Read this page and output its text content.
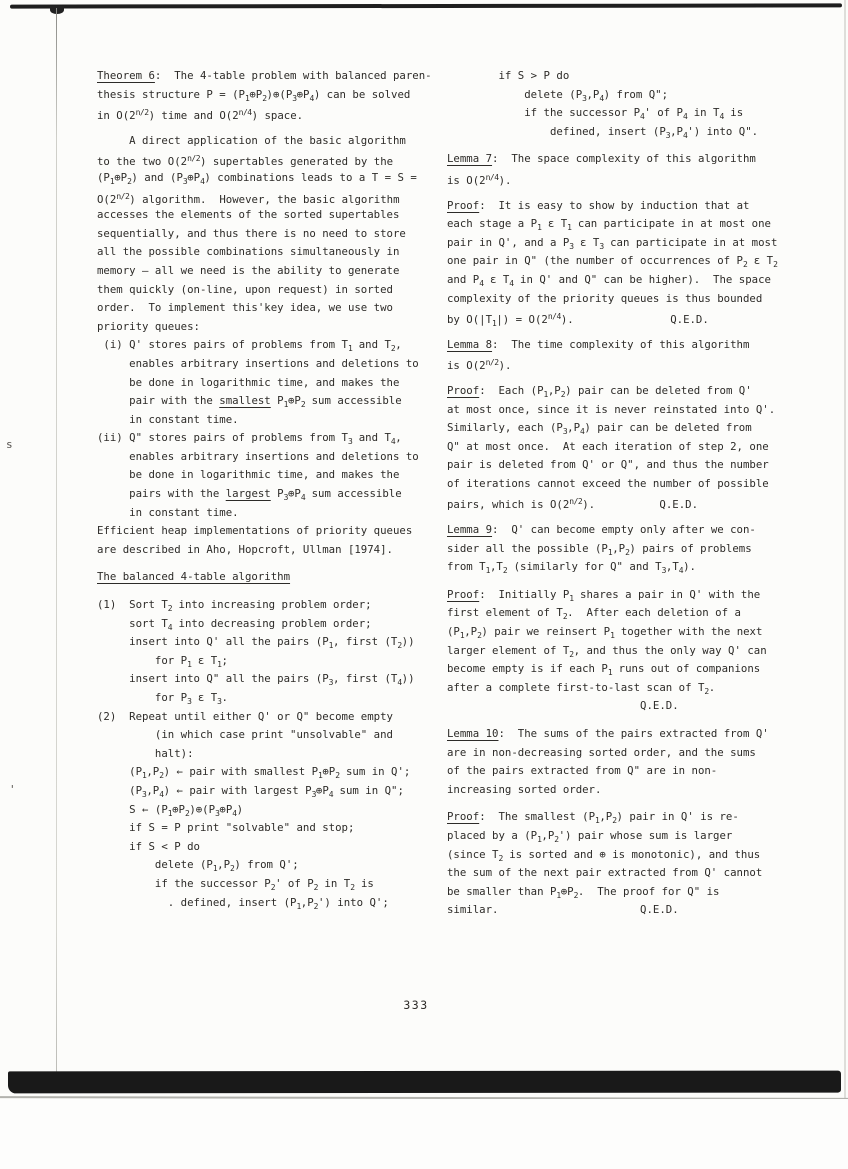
s
'
Theorem 6:  The 4-table problem with balanced paren-
thesis structure $P = (P_1\oplus P_2)\oplus(P_3\oplus P_4)$ can be solved
in $O(2^{n/2})$ time and $O(2^{n/4})$ space.
A direct application of the basic algorithm
to the two $O(2^{n/2})$ supertables generated by the
$(P_1\oplus P_2)$ and $(P_3\oplus P_4)$ combinations leads to a T = S =
$O(2^{n/2})$ algorithm.  However, the basic algorithm
accesses the elements of the sorted supertables
sequentially, and thus there is no need to store
all the possible combinations simultaneously in
memory — all we need is the ability to generate
them quickly (on-line, upon request) in sorted
order.  To implement this'key idea, we use two
priority queues:
(i) Q' stores pairs of problems from $T_1$ and $T_2$,
enables arbitrary insertions and deletions to
be done in logarithmic time, and makes the
pair with the smallest $P_1\oplus P_2$ sum accessible
in constant time.
(ii) Q" stores pairs of problems from $T_3$ and $T_4$,
enables arbitrary insertions and deletions to
be done in logarithmic time, and makes the
pairs with the largest $P_3\oplus P_4$ sum accessible
in constant time.
Efficient heap implementations of priority queues
are described in Aho, Hopcroft, Ullman [1974].
The balanced 4-table algorithm
(1)  Sort $T_2$ into increasing problem order;
sort $T_4$ into decreasing problem order;
insert into Q' all the pairs ($P_1$, first $(T_2)$)
for $P_1$ ε $T_1$;
insert into Q" all the pairs ($P_3$, first $(T_4)$)
for $P_3$ ε $T_3$.
(2)  Repeat until either Q' or Q" become empty
(in which case print "unsolvable" and
halt):
$(P_1,P_2)$ ← pair with smallest $P_1\oplus P_2$ sum in Q';
$(P_3,P_4)$ ← pair with largest $P_3\oplus P_4$ sum in Q";
S ← $(P_1\oplus P_2)\oplus(P_3\oplus P_4)$
if S = P print "solvable" and stop;
if S < P do
delete $(P_1,P_2)$ from Q';
if the successor $P_2'$ of $P_2$ in $T_2$ is
. defined, insert $(P_1,P_2')$ into Q';
if S > P do
delete $(P_3,P_4)$ from Q";
if the successor $P_4'$ of $P_4$ in $T_4$ is
defined, insert $(P_3,P_4')$ into Q".
Lemma 7:  The space complexity of this algorithm
is $O(2^{n/4})$.
Proof:  It is easy to show by induction that at
each stage a $P_1$ ε $T_1$ can participate in at most one
pair in Q', and a $P_3$ ε $T_3$ can participate in at most
one pair in Q" (the number of occurrences of $P_2$ ε $T_2$
and $P_4$ ε $T_4$ in Q' and Q" can be higher).  The space
complexity of the priority queues is thus bounded
by $O(|T_1|) = O(2^{n/4})$.               Q.E.D.
Lemma 8:  The time complexity of this algorithm
is $O(2^{n/2})$.
Proof:  Each $(P_1,P_2)$ pair can be deleted from Q'
at most once, since it is never reinstated into Q'.
Similarly, each $(P_3,P_4)$ pair can be deleted from
Q" at most once.  At each iteration of step 2, one
pair is deleted from Q' or Q", and thus the number
of iterations cannot exceed the number of possible
pairs, which is $O(2^{n/2})$.          Q.E.D.
Lemma 9:  Q' can become empty only after we con-
sider all the possible $(P_1,P_2)$ pairs of problems
from $T_1,T_2$ (similarly for Q" and $T_3,T_4$).
Proof:  Initially $P_1$ shares a pair in Q' with the
first element of $T_2$.  After each deletion of a
$(P_1,P_2)$ pair we reinsert $P_1$ together with the next
larger element of $T_2$, and thus the only way Q' can
become empty is if each $P_1$ runs out of companions
after a complete first-to-last scan of $T_2$.
Q.E.D.
Lemma 10:  The sums of the pairs extracted from Q'
are in non-decreasing sorted order, and the sums
of the pairs extracted from Q" are in non-
increasing sorted order.
Proof:  The smallest $(P_1,P_2)$ pair in Q' is re-
placed by a $(P_1,P_2')$ pair whose sum is larger
(since $T_2$ is sorted and ⊕ is monotonic), and thus
the sum of the next pair extracted from Q' cannot
be smaller than $P_1\oplus P_2$.  The proof for Q" is
similar.                      Q.E.D.
333
